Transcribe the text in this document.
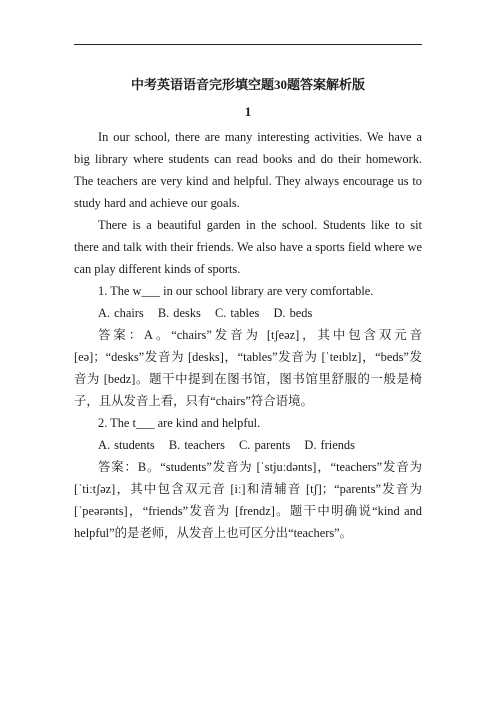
中考英语语音完形填空题30题答案解析版
1

In our school, there are many interesting activities. We have a big library where students can read books and do their homework. The teachers are very kind and helpful. They always encourage us to study hard and achieve our goals.

There is a beautiful garden in the school. Students like to sit there and talk with their friends. We also have a sports field where we can play different kinds of sports.

1. The w___ in our school library are very comfortable.

A. chairs B. desks C. tables D. beds

答案：A。“chairs”发音为 [tʃeəz]，其中包含双元音 [eə]；“desks”发音为 [desks]，“tables”发音为 [ˈteɪblz]，“beds”发音为 [bedz]。题干中提到在图书馆，图书馆里舒服的一般是椅子，且从发音上看，只有“chairs”符合语境。

2. The t___ are kind and helpful.

A. students B. teachers C. parents D. friends

答案：B。“students”发音为 [ˈstjuːdənts]，“teachers”发音为 [ˈtiːtʃəz]，其中包含双元音 [iː]和清辅音 [tʃ]；“parents”发音为 [ˈpeərənts]，“friends”发音为 [frendz]。题干中明确说“kind and helpful”的是老师，从发音上也可区分出“teachers”。
